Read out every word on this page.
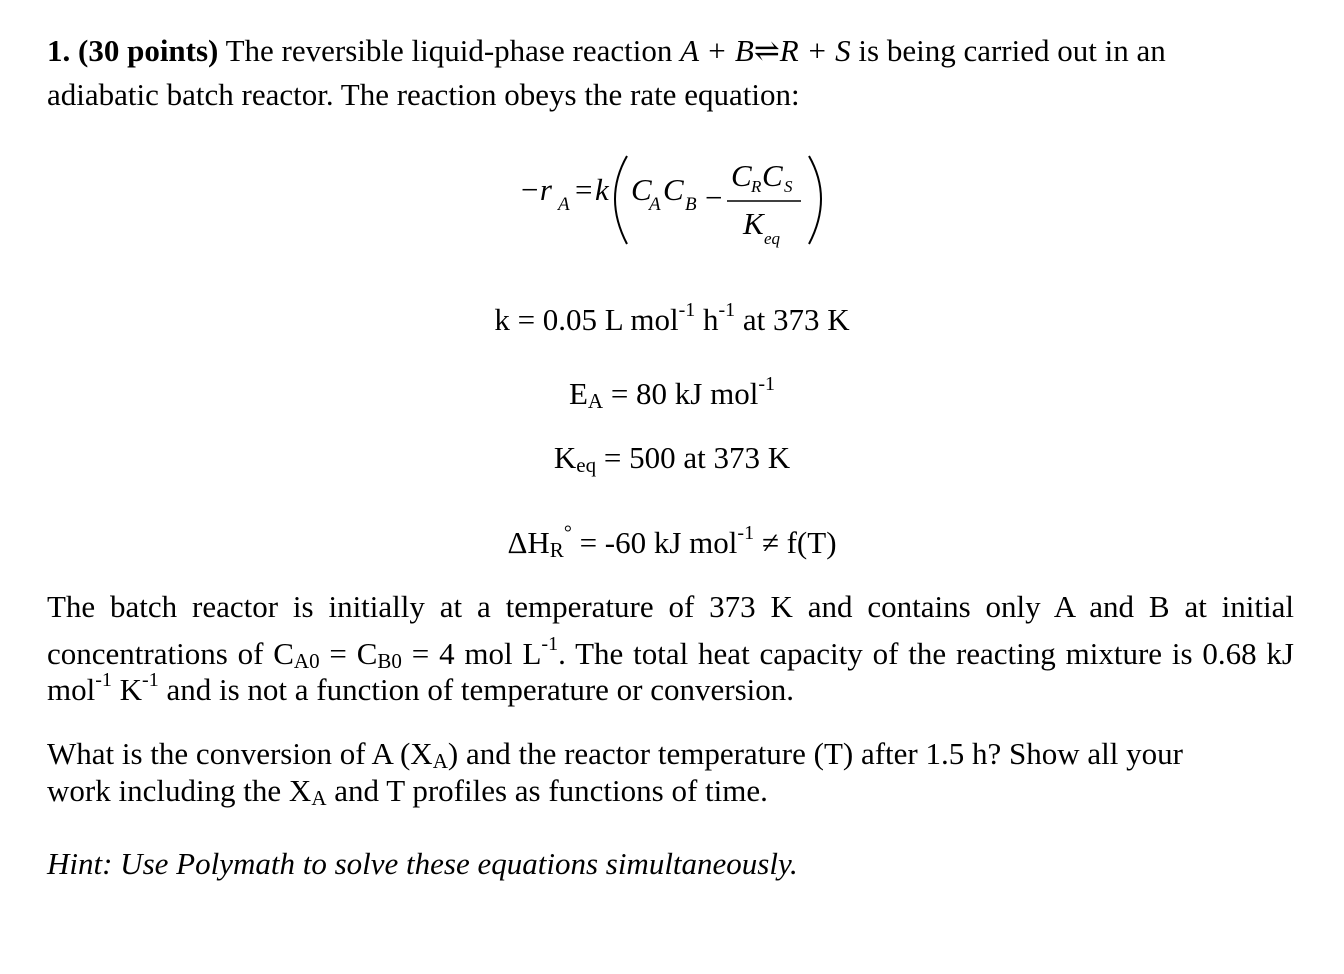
1. (30 points) The reversible liquid-phase reaction A + B⇌R + S is being carried out in an
adiabatic batch reactor. The reaction obeys the rate equation:
−r A = k C
A C B −
C R C S
K eq
k = 0.05 L mol$^{-1}$ $h^{-1}$ at 373 K
EA = 80 kJ mol$^{-1}$
Keq = 500 at 373 K
ΔHR° = -60 kJ mol$^{-1}$ ≠ f(T)
The batch reactor is initially at a temperature of 373 K and contains only A and B at initial
concentrations of CA0 = CB0 = 4 mol $L^{-1}$. The total heat capacity of the reacting mixture is 0.68 kJ
mol$^{-1}$ $K^{-1}$ and is not a function of temperature or conversion.
What is the conversion of A (XA) and the reactor temperature (T) after 1.5 h? Show all your
work including the XA and T profiles as functions of time.
Hint: Use Polymath to solve these equations simultaneously.
